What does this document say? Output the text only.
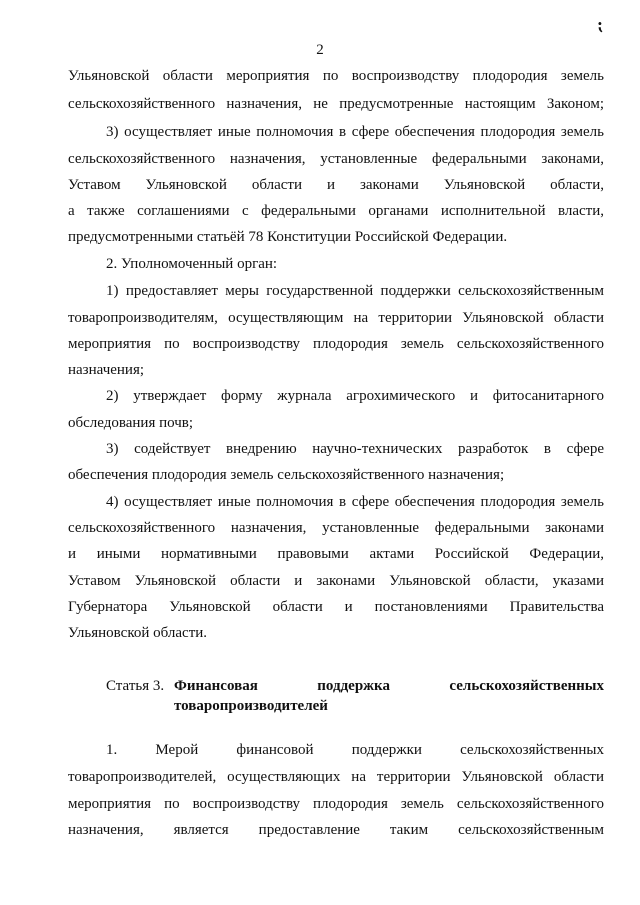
2
⁏
Ульяновской области мероприятия по воспроизводству плодородия земель
сельскохозяйственного назначения, не предусмотренные настоящим Законом;
3) осуществляет иные полномочия в сфере обеспечения плодородия земель
сельскохозяйственного назначения, установленные федеральными законами,
Уставом Ульяновской области и законами Ульяновской области,
а также соглашениями с федеральными органами исполнительной власти,
предусмотренными статьёй 78 Конституции Российской Федерации.
2. Уполномоченный орган:
1) предоставляет меры государственной поддержки сельскохозяйственным
товаропроизводителям, осуществляющим на территории Ульяновской области
мероприятия по воспроизводству плодородия земель сельскохозяйственного
назначения;
2) утверждает форму журнала агрохимического и фитосанитарного
обследования почв;
3) содействует внедрению научно-технических разработок в сфере
обеспечения плодородия земель сельскохозяйственного назначения;
4) осуществляет иные полномочия в сфере обеспечения плодородия земель
сельскохозяйственного назначения, установленные федеральными законами
и иными нормативными правовыми актами Российской Федерации,
Уставом Ульяновской области и законами Ульяновской области, указами
Губернатора Ульяновской области и постановлениями Правительства
Ульяновской области.
Статья 3. Финансовая поддержка сельскохозяйственных
товаропроизводителей
1. Мерой финансовой поддержки сельскохозяйственных
товаропроизводителей, осуществляющих на территории Ульяновской области
мероприятия по воспроизводству плодородия земель сельскохозяйственного
назначения, является предоставление таким сельскохозяйственным
